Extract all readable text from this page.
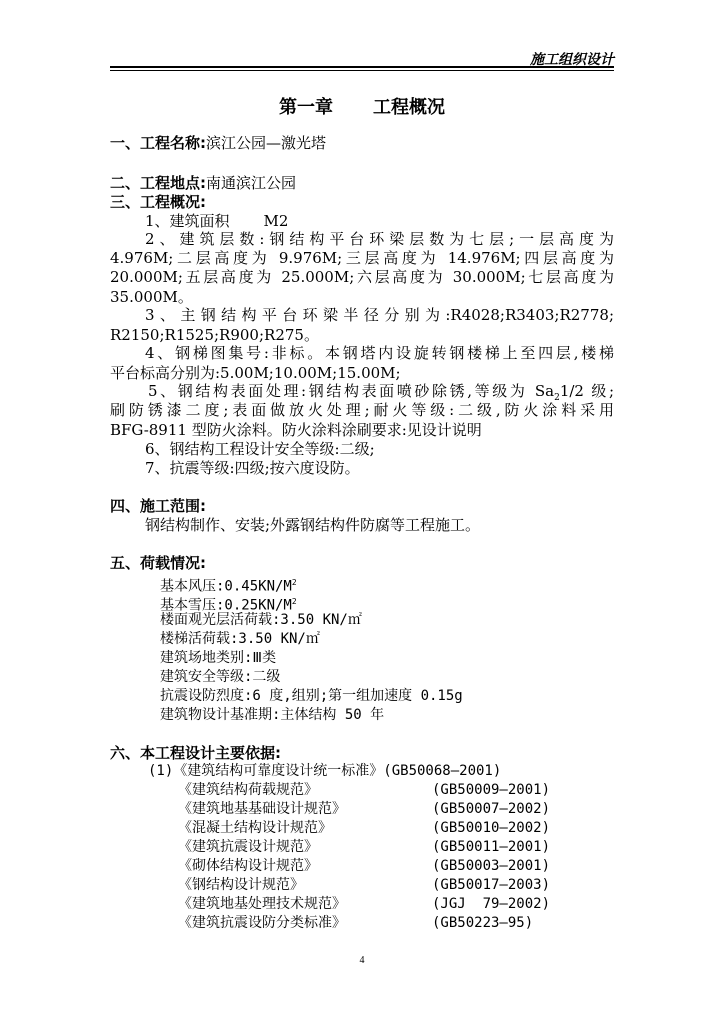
施工组织设计
第一章 工程概况
一、工程名称:滨江公园—激光塔
二、工程地点:南通滨江公园
三、工程概况:
1、建筑面积 M2
2、建筑层数:钢结构平台环梁层数为七层;一层高度为
4.976M;二层高度为 9.976M;三层高度为 14.976M;四层高度为
20.000M;五层高度为 25.000M;六层高度为 30.000M;七层高度为
35.000M。
3、主钢结构平台环梁半径分别为:R4028;R3403;R2778;
R2150;R1525;R900;R275。
4、钢梯图集号:非标。本钢塔内设旋转钢楼梯上至四层,楼梯
平台标高分别为:5.00M;10.00M;15.00M;
5、钢结构表面处理:钢结构表面喷砂除锈,等级为 $Sa_21/2$ 级;
刷防锈漆二度;表面做放火处理;耐火等级:二级,防火涂料采用
BFG-8911 型防火涂料。防火涂料涂刷要求:见设计说明
6、钢结构工程设计安全等级:二级;
7、抗震等级:四级;按六度设防。
四、施工范围:
钢结构制作、安装;外露钢结构件防腐等工程施工。
五、荷载情况:
基本风压$:0.45KN/M^2$
基本雪压$:0.25KN/M^2$
楼面观光层活荷载:3.50 KN/㎡
楼梯活荷载:3.50 KN/㎡
建筑场地类别:Ⅲ类
建筑安全等级:二级
抗震设防烈度:6 度,组别;第一组加速度 0.15g
建筑物设计基准期:主体结构 50 年
六、本工程设计主要依据:
(1)《建筑结构可靠度设计统一标准》(GB50068—2001)
《建筑结构荷载规范》	(GB50009—2001)
《建筑地基基础设计规范》	(GB50007—2002)
《混凝土结构设计规范》	(GB50010—2002)
《建筑抗震设计规范》	(GB50011—2001)
《砌体结构设计规范》	(GB50003—2001)
《钢结构设计规范》	(GB50017—2003)
《建筑地基处理技术规范》	(JGJ  79—2002)
《建筑抗震设防分类标准》	(GB50223—95)
4
